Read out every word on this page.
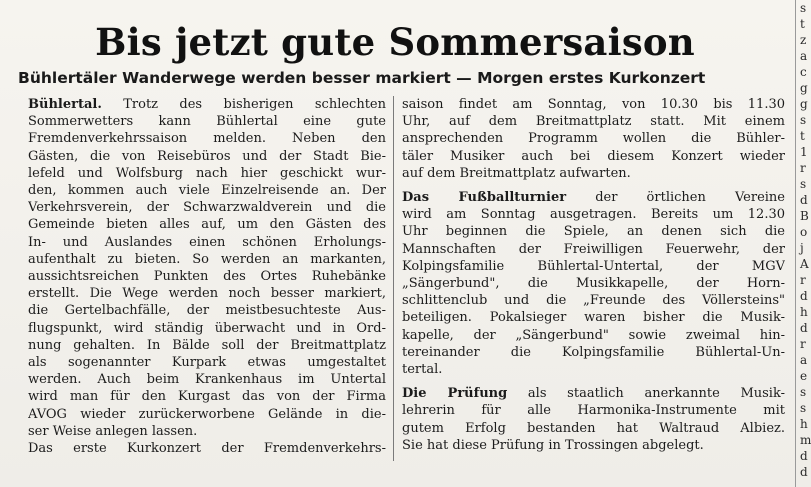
Bis jetzt gute Sommersaison
Bühlertäler Wanderwege werden besser markiert — Morgen erstes Kurkonzert
Bühlertal. Trotz des bisherigen schlechten
Sommerwetters kann Bühlertal eine gute
Fremdenverkehrssaison melden. Neben den
Gästen, die von Reisebüros und der Stadt Bie-
lefeld und Wolfsburg nach hier geschickt wur-
den, kommen auch viele Einzelreisende an. Der
Verkehrsverein, der Schwarzwaldverein und die
Gemeinde bieten alles auf, um den Gästen des
In- und Auslandes einen schönen Erholungs-
aufenthalt zu bieten. So werden an markanten,
aussichtsreichen Punkten des Ortes Ruhebänke
erstellt. Die Wege werden noch besser markiert,
die Gertelbachfälle, der meistbesuchteste Aus-
flugspunkt, wird ständig überwacht und in Ord-
nung gehalten. In Bälde soll der Breitmattplatz
als sogenannter Kurpark etwas umgestaltet
werden. Auch beim Krankenhaus im Untertal
wird man für den Kurgast das von der Firma
AVOG wieder zurückerworbene Gelände in die-
ser Weise anlegen lassen.
Das erste Kurkonzert der Fremdenverkehrs-
saison findet am Sonntag, von 10.30 bis 11.30
Uhr, auf dem Breitmattplatz statt. Mit einem
ansprechenden Programm wollen die Bühler-
täler Musiker auch bei diesem Konzert wieder
auf dem Breitmattplatz aufwarten.
Das Fußballturnier der örtlichen Vereine
wird am Sonntag ausgetragen. Bereits um 12.30
Uhr beginnen die Spiele, an denen sich die
Mannschaften der Freiwilligen Feuerwehr, der
Kolpingsfamilie Bühlertal-Untertal, der MGV
„Sängerbund", die Musikkapelle, der Horn-
schlittenclub und die „Freunde des Völlersteins"
beteiligen. Pokalsieger waren bisher die Musik-
kapelle, der „Sängerbund" sowie zweimal hin-
tereinander die Kolpingsfamilie Bühlertal-Un-
tertal.
Die Prüfung als staatlich anerkannte Musik-
lehrerin für alle Harmonika-Instrumente mit
gutem Erfolg bestanden hat Waltraud Albiez.
Sie hat diese Prüfung in Trossingen abgelegt.
s
t
z
a
c
g
g
s
t
1
r
s
d
B
o
j
A
r
d
h
d
r
a
e
s
s
h
m
d
d
